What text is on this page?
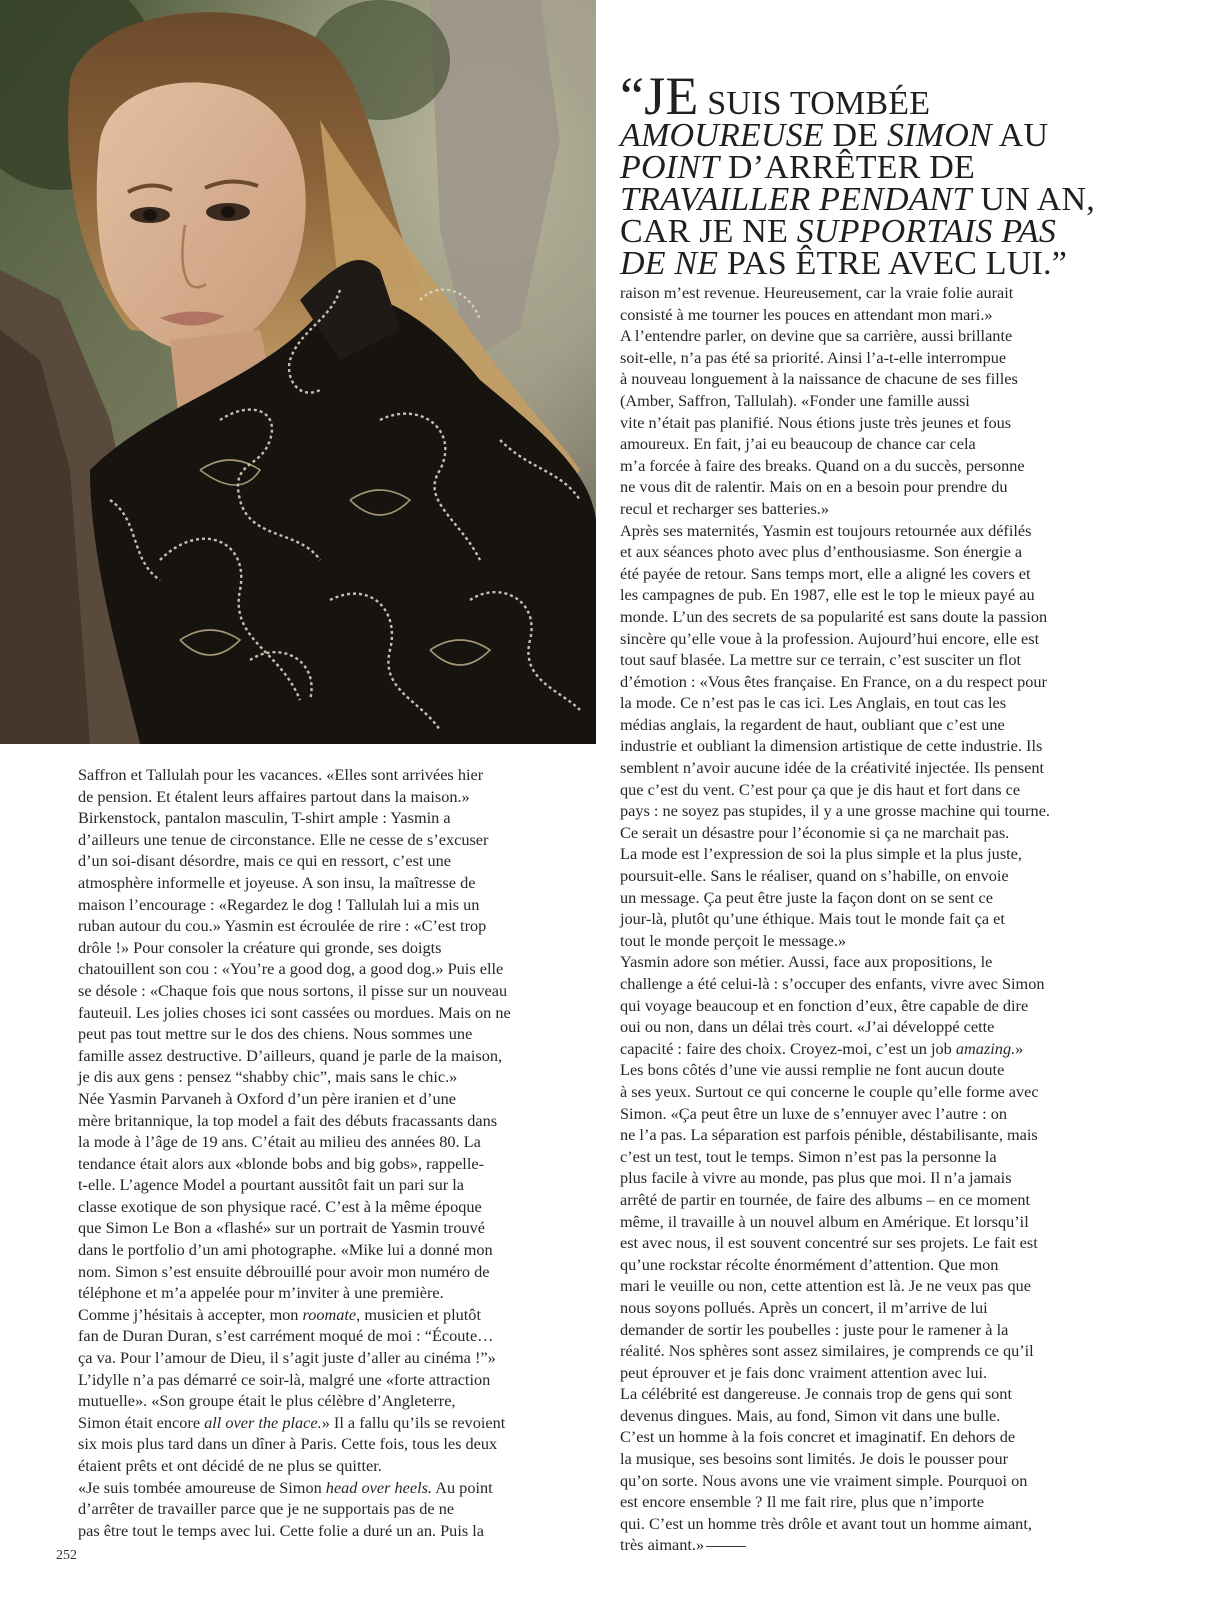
“JE SUIS TOMBÉE
AMOUREUSE DE SIMON AU
POINT D’ARRÊTER DE
TRAVAILLER PENDANT UN AN,
CAR JE NE SUPPORTAIS PAS
DE NE PAS ÊTRE AVEC LUI.”
Saffron et Tallulah pour les vacances. «Elles sont arrivées hier
de pension. Et étalent leurs affaires partout dans la maison.»
Birkenstock, pantalon masculin, T-shirt ample : Yasmin a
d’ailleurs une tenue de circonstance. Elle ne cesse de s’excuser
d’un soi-disant désordre, mais ce qui en ressort, c’est une
atmosphère informelle et joyeuse. A son insu, la maîtresse de
maison l’encourage : «Regardez le dog ! Tallulah lui a mis un
ruban autour du cou.» Yasmin est écroulée de rire : «C’est trop
drôle !» Pour consoler la créature qui gronde, ses doigts
chatouillent son cou : «You’re a good dog, a good dog.» Puis elle
se désole : «Chaque fois que nous sortons, il pisse sur un nouveau
fauteuil. Les jolies choses ici sont cassées ou mordues. Mais on ne
peut pas tout mettre sur le dos des chiens. Nous sommes une
famille assez destructive. D’ailleurs, quand je parle de la maison,
je dis aux gens : pensez “shabby chic”, mais sans le chic.»
Née Yasmin Parvaneh à Oxford d’un père iranien et d’une
mère britannique, la top model a fait des débuts fracassants dans
la mode à l’âge de 19 ans. C’était au milieu des années 80. La
tendance était alors aux «blonde bobs and big gobs», rappelle-
t-elle. L’agence Model a pourtant aussitôt fait un pari sur la
classe exotique de son physique racé. C’est à la même époque
que Simon Le Bon a «flashé» sur un portrait de Yasmin trouvé
dans le portfolio d’un ami photographe. «Mike lui a donné mon
nom. Simon s’est ensuite débrouillé pour avoir mon numéro de
téléphone et m’a appelée pour m’inviter à une première.
Comme j’hésitais à accepter, mon roomate, musicien et plutôt
fan de Duran Duran, s’est carrément moqué de moi : “Écoute…
ça va. Pour l’amour de Dieu, il s’agit juste d’aller au cinéma !”»
L’idylle n’a pas démarré ce soir-là, malgré une «forte attraction
mutuelle». «Son groupe était le plus célèbre d’Angleterre,
Simon était encore all over the place.» Il a fallu qu’ils se revoient
six mois plus tard dans un dîner à Paris. Cette fois, tous les deux
étaient prêts et ont décidé de ne plus se quitter.
«Je suis tombée amoureuse de Simon head over heels. Au point
d’arrêter de travailler parce que je ne supportais pas de ne
pas être tout le temps avec lui. Cette folie a duré un an. Puis la
raison m’est revenue. Heureusement, car la vraie folie aurait
consisté à me tourner les pouces en attendant mon mari.»
A l’entendre parler, on devine que sa carrière, aussi brillante
soit-elle, n’a pas été sa priorité. Ainsi l’a-t-elle interrompue
à nouveau longuement à la naissance de chacune de ses filles
(Amber, Saffron, Tallulah). «Fonder une famille aussi
vite n’était pas planifié. Nous étions juste très jeunes et fous
amoureux. En fait, j’ai eu beaucoup de chance car cela
m’a forcée à faire des breaks. Quand on a du succès, personne
ne vous dit de ralentir. Mais on en a besoin pour prendre du
recul et recharger ses batteries.»
Après ses maternités, Yasmin est toujours retournée aux défilés
et aux séances photo avec plus d’enthousiasme. Son énergie a
été payée de retour. Sans temps mort, elle a aligné les covers et
les campagnes de pub. En 1987, elle est le top le mieux payé au
monde. L’un des secrets de sa popularité est sans doute la passion
sincère qu’elle voue à la profession. Aujourd’hui encore, elle est
tout sauf blasée. La mettre sur ce terrain, c’est susciter un flot
d’émotion : «Vous êtes française. En France, on a du respect pour
la mode. Ce n’est pas le cas ici. Les Anglais, en tout cas les
médias anglais, la regardent de haut, oubliant que c’est une
industrie et oubliant la dimension artistique de cette industrie. Ils
semblent n’avoir aucune idée de la créativité injectée. Ils pensent
que c’est du vent. C’est pour ça que je dis haut et fort dans ce
pays : ne soyez pas stupides, il y a une grosse machine qui tourne.
Ce serait un désastre pour l’économie si ça ne marchait pas.
La mode est l’expression de soi la plus simple et la plus juste,
poursuit-elle. Sans le réaliser, quand on s’habille, on envoie
un message. Ça peut être juste la façon dont on se sent ce
jour-là, plutôt qu’une éthique. Mais tout le monde fait ça et
tout le monde perçoit le message.»
Yasmin adore son métier. Aussi, face aux propositions, le
challenge a été celui-là : s’occuper des enfants, vivre avec Simon
qui voyage beaucoup et en fonction d’eux, être capable de dire
oui ou non, dans un délai très court. «J’ai développé cette
capacité : faire des choix. Croyez-moi, c’est un job amazing.»
Les bons côtés d’une vie aussi remplie ne font aucun doute
à ses yeux. Surtout ce qui concerne le couple qu’elle forme avec
Simon. «Ça peut être un luxe de s’ennuyer avec l’autre : on
ne l’a pas. La séparation est parfois pénible, déstabilisante, mais
c’est un test, tout le temps. Simon n’est pas la personne la
plus facile à vivre au monde, pas plus que moi. Il n’a jamais
arrêté de partir en tournée, de faire des albums – en ce moment
même, il travaille à un nouvel album en Amérique. Et lorsqu’il
est avec nous, il est souvent concentré sur ses projets. Le fait est
qu’une rockstar récolte énormément d’attention. Que mon
mari le veuille ou non, cette attention est là. Je ne veux pas que
nous soyons pollués. Après un concert, il m’arrive de lui
demander de sortir les poubelles : juste pour le ramener à la
réalité. Nos sphères sont assez similaires, je comprends ce qu’il
peut éprouver et je fais donc vraiment attention avec lui.
La célébrité est dangereuse. Je connais trop de gens qui sont
devenus dingues. Mais, au fond, Simon vit dans une bulle.
C’est un homme à la fois concret et imaginatif. En dehors de
la musique, ses besoins sont limités. Je dois le pousser pour
qu’on sorte. Nous avons une vie vraiment simple. Pourquoi on
est encore ensemble ? Il me fait rire, plus que n’importe
qui. C’est un homme très drôle et avant tout un homme aimant,
très aimant.»
252
